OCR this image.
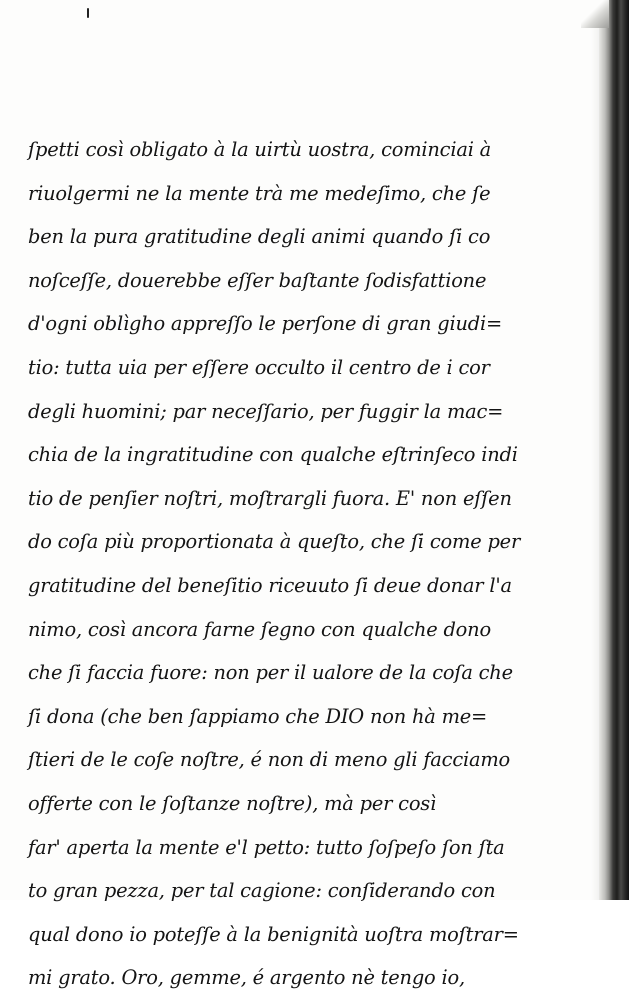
ſpetti così obligato à la uirtù uostra, cominciai à
riuolgermi ne la mente trà me medeſimo, che ſe
ben la pura gratitudine degli animi quando ſi co
noſceſſe, douerebbe eſſer baſtante ſodisfattione
d'ogni oblìgho appreſſo le perſone di gran giudi=
tio: tutta uia per eſſere occulto il centro de i cor
degli huomini; par neceſſario, per fuggir la mac=
chia de la ingratitudine con qualche eſtrinſeco indi
tio de penſier noſtri, moſtrargli fuora. E' non eſſen
do coſa più proportionata à queſto, che ſi come per
gratitudine del beneſitio riceuuto ſi deue donar l'a
nimo, così ancora farne ſegno con qualche dono
che ſi faccia fuore: non per il ualore de la coſa che
ſi dona (che ben ſappiamo che DIO non hà me=
ſtieri de le coſe noſtre, é non di meno gli facciamo
offerte con le ſoſtanze noſtre), mà per così
far' aperta la mente e'l petto: tutto ſoſpeſo ſon ſta
to gran pezza, per tal cagione: conſiderando con
qual dono io poteſſe à la benignità uoſtra moſtrar=
mi grato. Oro, gemme, é argento nè tengo io,
